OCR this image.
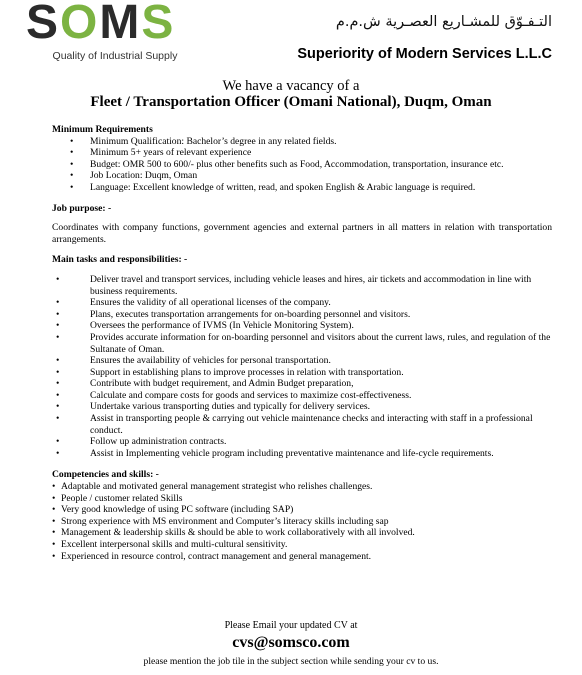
SOMS
Quality of Industrial Supply
التـفـوّق للمشـاريع العصـرية ش.م.م
Superiority of Modern Services L.L.C
We have a vacancy of a
Fleet / Transportation Officer (Omani National), Duqm, Oman

Minimum Requirements

• Minimum Qualification: Bachelor’s degree in any related fields.
• Minimum 5+ years of relevant experience
• Budget: OMR 500 to 600/- plus other benefits such as Food, Accommodation, transportation, insurance etc.
• Job Location: Duqm, Oman
• Language: Excellent knowledge of written, read, and spoken English & Arabic language is required.

Job purpose: -

Coordinates with company functions, government agencies and external partners in all matters in relation with transportation arrangements.

Main tasks and responsibilities: -

• Deliver travel and transport services, including vehicle leases and hires, air tickets and accommodation in line with business requirements.
• Ensures the validity of all operational licenses of the company.
• Plans, executes transportation arrangements for on-boarding personnel and visitors.
• Oversees the performance of IVMS (In Vehicle Monitoring System).
• Provides accurate information for on-boarding personnel and visitors about the current laws, rules, and regulation of the Sultanate of Oman.
• Ensures the availability of vehicles for personal transportation.
• Support in establishing plans to improve processes in relation with transportation.
• Contribute with budget requirement, and Admin Budget preparation,
• Calculate and compare costs for goods and services to maximize cost-effectiveness.
• Undertake various transporting duties and typically for delivery services.
• Assist in transporting people & carrying out vehicle maintenance checks and interacting with staff in a professional conduct.
• Follow up administration contracts.
• Assist in Implementing vehicle program including preventative maintenance and life-cycle requirements.

Competencies and skills: -

• Adaptable and motivated general management strategist who relishes challenges.
• People / customer related Skills
• Very good knowledge of using PC software (including SAP)
• Strong experience with MS environment and Computer’s literacy skills including sap
• Management & leadership skills & should be able to work collaboratively with all involved.
• Excellent interpersonal skills and multi-cultural sensitivity.
• Experienced in resource control, contract management and general management.
Please Email your updated CV at
cvs@somsco.com
please mention the job tile in the subject section while sending your cv to us.
